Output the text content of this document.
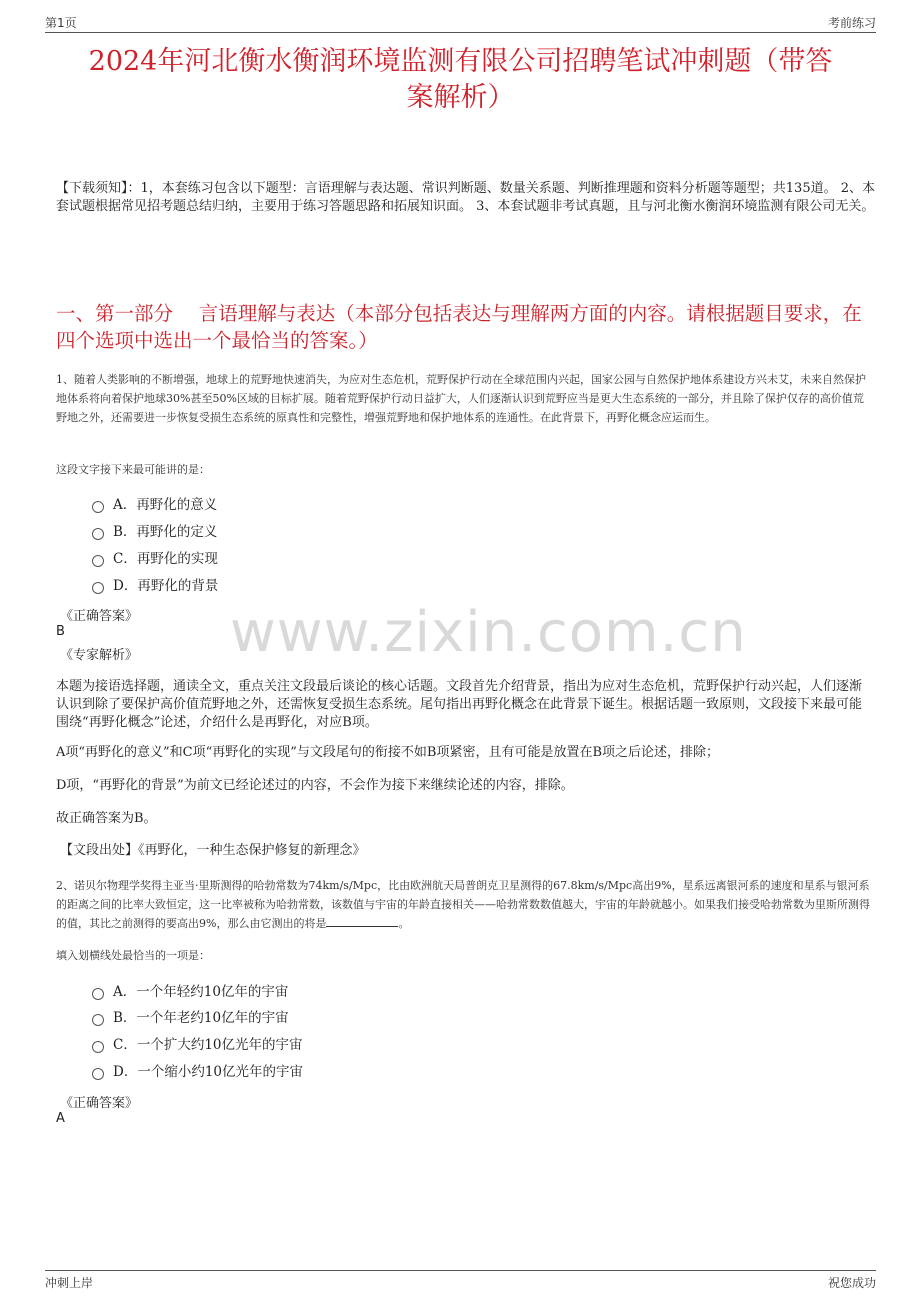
第1页	考前练习
2024年河北衡水衡润环境监测有限公司招聘笔试冲刺题（带答
案解析）
【下载须知】：1，本套练习包含以下题型：言语理解与表达题、常识判断题、数量关系题、判断推理题和资料分析题等题型；共135道。 2、本套试题根据常见招考题总结归纳，主要用于练习答题思路和拓展知识面。 3、本套试题非考试真题，且与河北衡水衡润环境监测有限公司无关。
一、第一部分　 言语理解与表达（本部分包括表达与理解两方面的内容。请根据题目要求，在四个选项中选出一个最恰当的答案。）
1、随着人类影响的不断增强，地球上的荒野地快速消失，为应对生态危机，荒野保护行动在全球范围内兴起，国家公园与自然保护地体系建设方兴未艾，未来自然保护地体系将向着保护地球30%甚至50%区域的目标扩展。随着荒野保护行动日益扩大，人们逐渐认识到荒野应当是更大生态系统的一部分，并且除了保护仅存的高价值荒野地之外，还需要进一步恢复受损生态系统的原真性和完整性，增强荒野地和保护地体系的连通性。在此背景下，再野化概念应运而生。
这段文字接下来最可能讲的是：
A．再野化的意义
B．再野化的定义
C．再野化的实现
D．再野化的背景
《正确答案》
B
《专家解析》
本题为接语选择题，通读全文，重点关注文段最后谈论的核心话题。文段首先介绍背景，指出为应对生态危机，荒野保护行动兴起，人们逐渐认识到除了要保护高价值荒野地之外，还需恢复受损生态系统。尾句指出再野化概念在此背景下诞生。根据话题一致原则，文段接下来最可能围绕“再野化概念”论述，介绍什么是再野化，对应B项。
A项“再野化的意义”和C项“再野化的实现”与文段尾句的衔接不如B项紧密，且有可能是放置在B项之后论述，排除；
D项，“再野化的背景”为前文已经论述过的内容，不会作为接下来继续论述的内容，排除。
故正确答案为B。
【文段出处】《再野化，一种生态保护修复的新理念》
www.zixin.com.cn
2、诺贝尔物理学奖得主亚当·里斯测得的哈勃常数为74km/s/Mpc，比由欧洲航天局普朗克卫星测得的67.8km/s/Mpc高出9%，星系远离银河系的速度和星系与银河系的距离之间的比率大致恒定，这一比率被称为哈勃常数，该数值与宇宙的年龄直接相关——哈勃常数数值越大，宇宙的年龄就越小。如果我们接受哈勃常数为里斯所测得的值，其比之前测得的要高出9%，那么由它测出的将是	。
填入划横线处最恰当的一项是：
A．一个年轻约10亿年的宇宙
B．一个年老约10亿年的宇宙
C．一个扩大约10亿光年的宇宙
D．一个缩小约10亿光年的宇宙
《正确答案》
A
冲刺上岸	祝您成功
